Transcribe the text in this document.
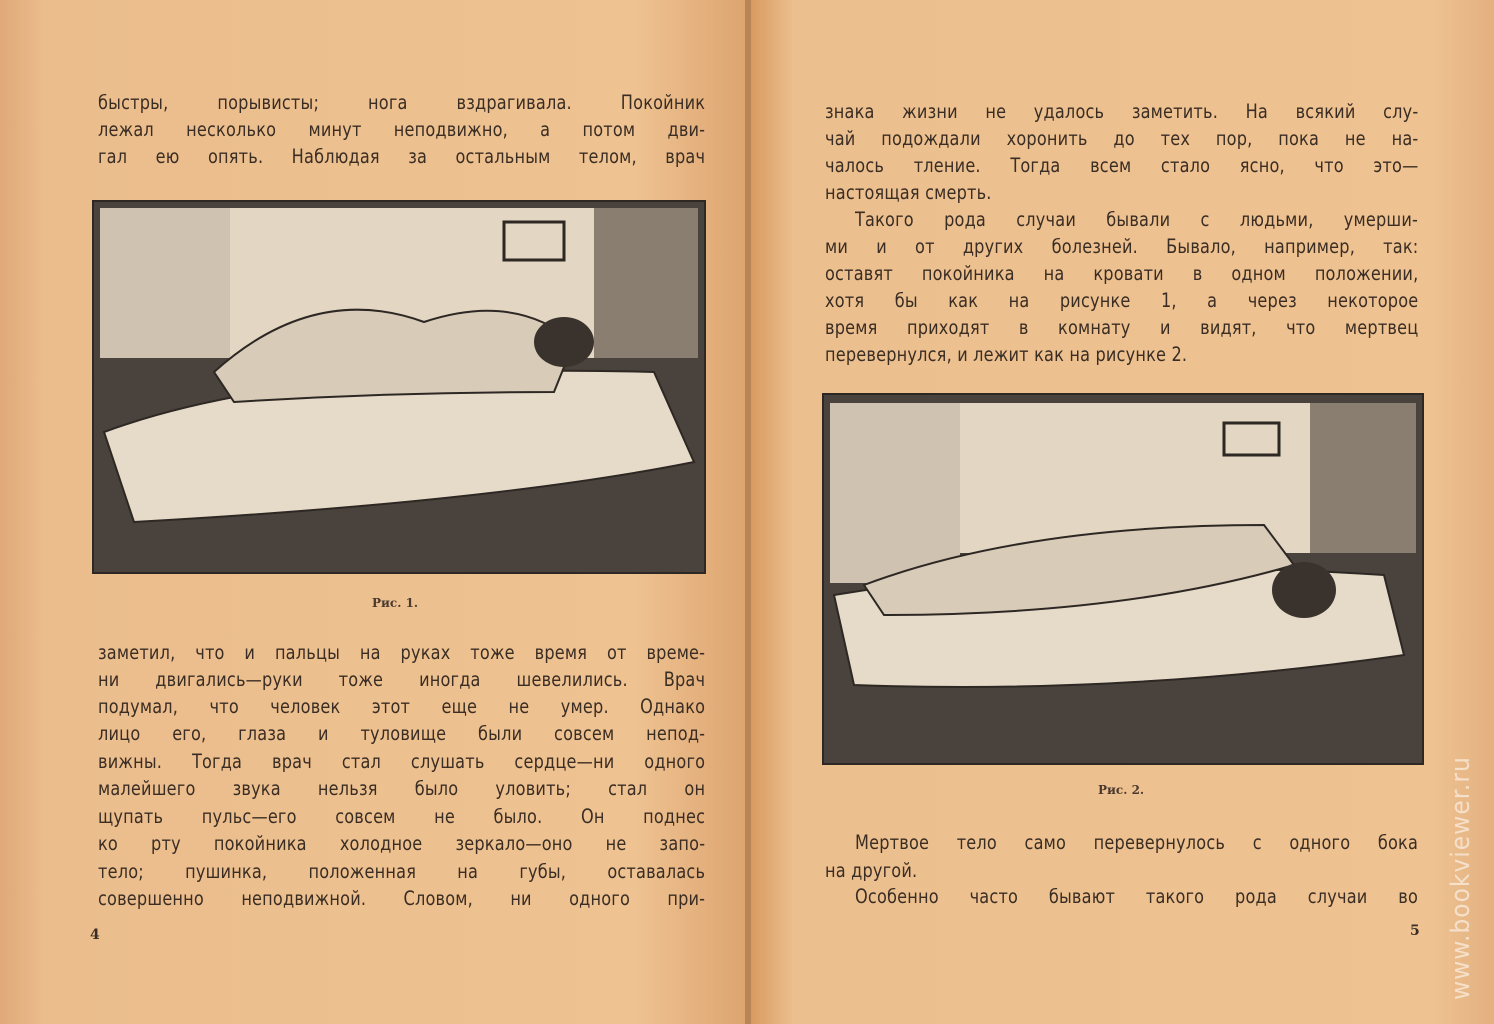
быстры, порывисты; нога вздрагивала. Покойник
лежал несколько минут неподвижно, а потом дви-
гал ею опять. Наблюдая за остальным телом, врач
Рис. 1.
заметил, что и пальцы на руках тоже время от време-
ни двигались—руки тоже иногда шевелились. Врач
подумал, что человек этот еще не умер. Однако
лицо его, глаза и туловище были совсем непод-
вижны. Тогда врач стал слушать сердце—ни одного
малейшего звука нельзя было уловить; стал он
щупать пульс—его совсем не было. Он поднес
ко рту покойника холодное зеркало—оно не запо-
тело; пушинка, положенная на губы, оставалась
совершенно неподвижной. Словом, ни одного при-
4
знака жизни не удалось заметить. На всякий слу-
чай подождали хоронить до тех пор, пока не на-
чалось тление. Тогда всем стало ясно, что это—
настоящая смерть.
Такого рода случаи бывали с людьми, умерши-
ми и от других болезней. Бывало, например, так:
оставят покойника на кровати в одном положении,
хотя бы как на рисунке 1, а через некоторое
время приходят в комнату и видят, что мертвец
перевернулся, и лежит как на рисунке 2.
Рис. 2.
Мертвое тело само перевернулось с одного бока
на другой.
Особенно часто бывают такого рода случаи во
5 www.bookviewer.ru
